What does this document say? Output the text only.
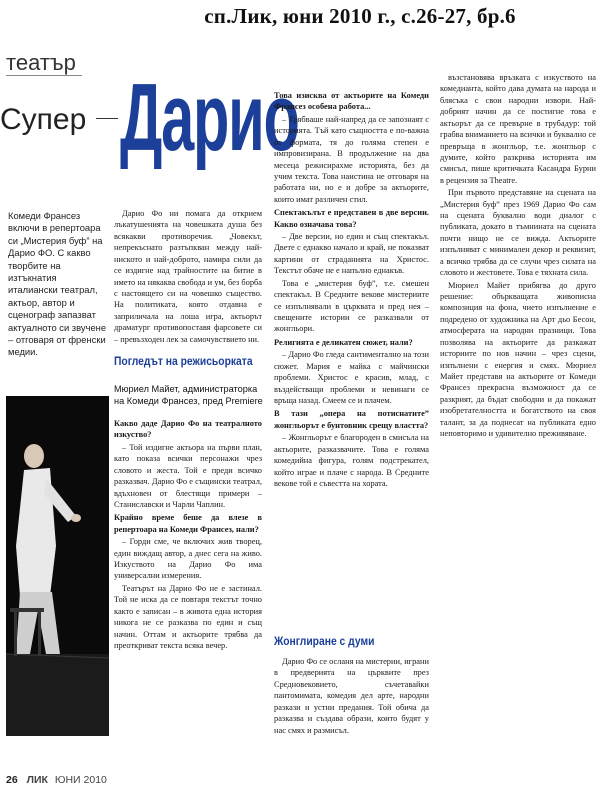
сп.Лик, юни 2010 г., с.26-27, бр.6
театър
Супер Дарио
Комеди Франсез включи в репертоара си „Мистерия буф” на Дарио ФО. С какво творбите на изтъкнатия италиански театрал, актьор, автор и сценограф запазват актуалното си звучене – отговаря от френски медии.

Дарио Фо ни помага да открием лъкатушенията на човешката душа без всякакви противоречия. „Човекът, непрекъснато разтъпкван между най-ниското и най-доброто, намира сили да се издигне над трайностите на битие в името на някаква свобода и ум, без борба с настоящето си на човешко същество. На политиката, която отдавна е заприличала на лоша игра, актьорът драматург противопоставя фарсовете си – превъзходен лек за самочувствието ни.

Погледът на режисьорката
Мюриел Майет, администраторка на Комеди Франсез, пред Premiere

Какво даде Дарио Фо на театралното изкуство?

– Той издигне актьора на първи план, като показа всички персонажи чрез словото и жеста. Той е преди всичко разказвач. Дарио Фо е същински театрал, вдъхновен от блестящи примери – Станиславски и Чарли Чаплин.

Крайно време беше да влезе в репертоара на Комеди Франсез, нали?

– Горди сме, че включих жив творец, един виждащ автор, а днес сега на живо. Изкуството на Дарио Фо има универсални измерения.

Театърът на Дарио Фо не е застинал. Той не иска да се повтаря текстът точно както е записан – в живота една история никога не се разказва по един и същ начин. Оттам и актьорите трябва да преоткриват текста всяка вечер.

Това изисква от актьорите на Комеди Франсез особена работа...

– Трябваше най-напред да се запознаят с историята. Тъй като същността е по-важна от формата, тя до голяма степен е импровизирана. В продължение на два месеца режисирахме историята, без да учим текста. Това наистина не отговаря на работата ни, но е и добре за актьорите, които имат различен стил.

Спектакълът е представен в две версии. Какво означава това?

– Две версии, но един и същ спектакъл. Двете с еднакво начало и край, не показват картини от страданията на Христос. Текстът обаче не е напълно еднакъв.

Това е „мистерия буф”, т.е. смешен спектакъл. В Средните векове мистериите се изпълнявали в църквата и пред нея – свещените истории се разказвали от жонгльори.

Религията е деликатен сюжет, нали?

– Дарио Фо гледа сантиментално на този сюжет. Мария е майка с майчински проблеми. Христос е красив, млад, с въздействащи проблеми и невинаги се връща назад. Смеем се и плачем.

В тази „опера на потиснатите” жонгльорът е бунтовник срещу властта?

– Жонгльорът е благороден в смисъла на актьорите, разказвачите. Това е голяма комедийна фигура, голям подстрекател, който играе и плаче с народа. В Средните векове той е съвестта на хората.

Жонглиране с думи

Дарио Фо се осланя на мистерии, играни в предверията на църквите през Средновековието, съчетавайки пантомимата, комедия дел арте, народни разкази и устни предания. Той обича да разказва и създава образи, които будят у нас смях и размисъл.

възстановява връзката с изкуството на комедианта, който дава думата на народа и блясъка с свои народни извори. Най-добрият начин да се постигне това е актьорът да се превърне в трубадур: той грабва вниманието на всички и буквално се превръща в жонгльор, т.е. жонгльор с думите, който разкрива историята им смисъл, пише критичката Касандра Бурни в рецензия за Theatre.

При първото представяне на сцената на „Мистерия буф” през 1969 Дарио Фо сам на сцената буквално води диалог с публиката, докато в тъмнината на сцената почти нищо не се вижда. Актьорите изпълняват с минимален декор и реквизит, а всичко трябва да се случи чрез силата на словото и жестовете. Това е тяхната сила.

Мюриел Майет прибягва до друго решение: объркващата живописна композиция на фона, чието изпълнение е подредено от художника на Арт дьо Бесон, атмосферата на народни празници. Това позволява на актьорите да разкажат историите по нов начин – чрез сцени, изпълнени с енергия и смях. Мюриел Майет представя на актьорите от Комеди Франсез прекрасна възможност да се разкрият, да бъдат свободни и да покажат изобретателността и богатството на своя талант, за да поднесат на публиката едно неповторимо и удивително преживяване.

26 ЛИК ЮНИ 2010
